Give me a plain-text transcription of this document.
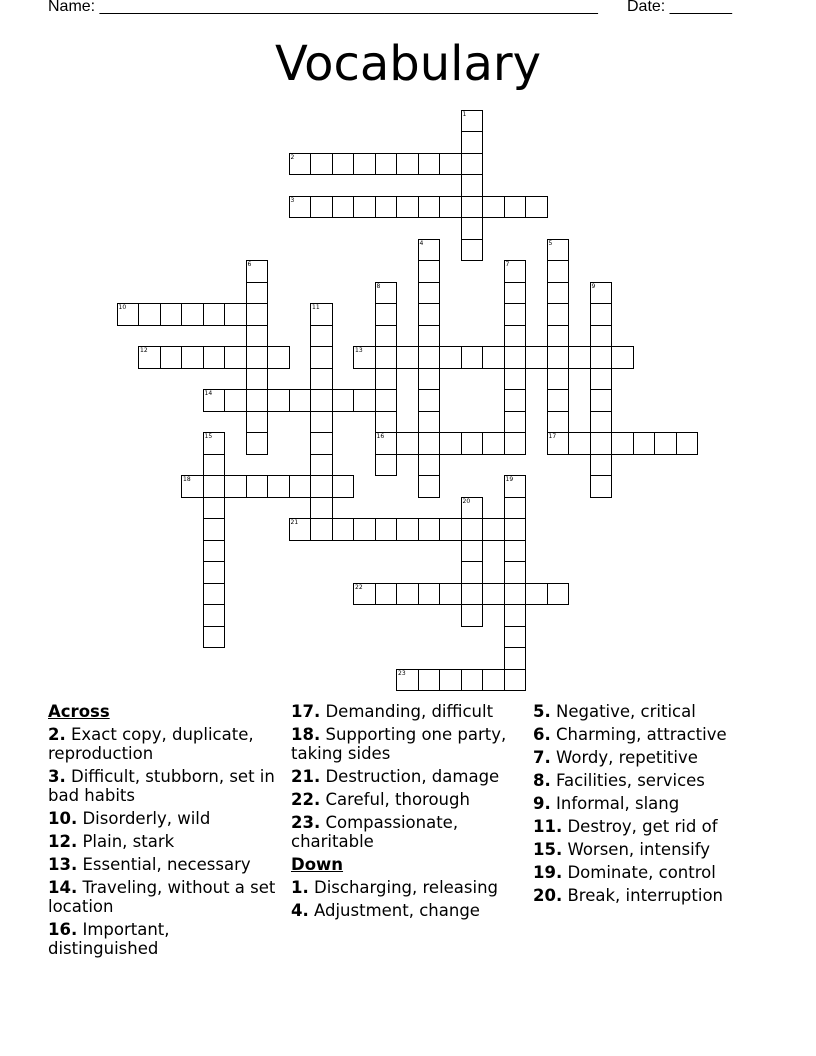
Name: ________________________________________________________ Date: _______
Vocabulary
1
2
3
4	5
6	7
8
16
9
10	11
12	13
14
15	17
18	19
20
21
22
23
Across
2. Exact copy, duplicate, reproduction
3. Difficult, stubborn, set in bad habits
10. Disorderly, wild
12. Plain, stark
13. Essential, necessary
14. Traveling, without a set location
16. Important, distinguished
17. Demanding, difficult
18. Supporting one party, taking sides
21. Destruction, damage
22. Careful, thorough
23. Compassionate, charitable
Down
1. Discharging, releasing
4. Adjustment, change
5. Negative, critical
6. Charming, attractive
7. Wordy, repetitive
8. Facilities, services
9. Informal, slang
11. Destroy, get rid of
15. Worsen, intensify
19. Dominate, control
20. Break, interruption
